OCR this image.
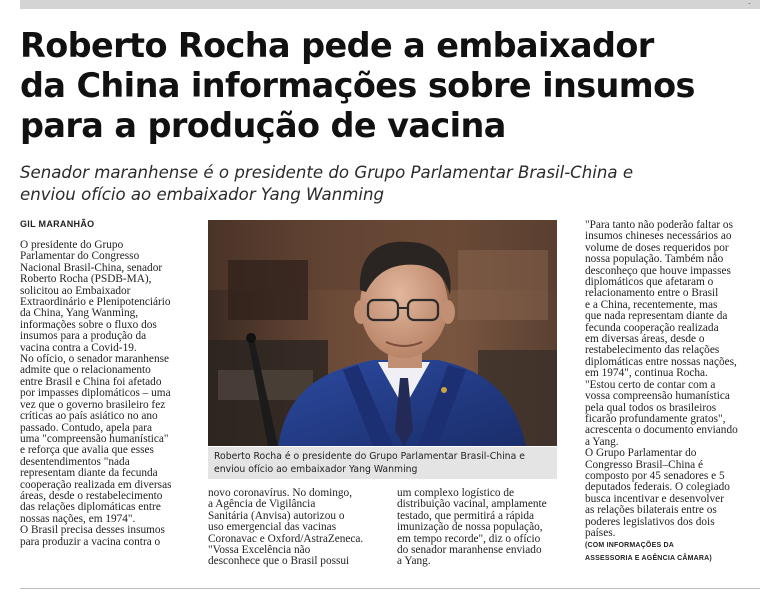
.
Roberto Rocha pede a embaixador
da China informações sobre insumos
para a produção de vacina
Senador maranhense é o presidente do Grupo Parlamentar Brasil-China e
enviou ofício ao embaixador Yang Wanming
GIL MARANHÃO
O presidente do Grupo
Parlamentar do Congresso
Nacional Brasil-China, senador
Roberto Rocha (PSDB-MA),
solicitou ao Embaixador
Extraordinário e Plenipotenciário
da China, Yang Wanming,
informações sobre o fluxo dos
insumos para a produção da
vacina contra a Covid-19.
No ofício, o senador maranhense
admite que o relacionamento
entre Brasil e China foi afetado
por impasses diplomáticos – uma
vez que o governo brasileiro fez
críticas ao país asiático no ano
passado. Contudo, apela para
uma "compreensão humanística"
e reforça que avalia que esses
desentendimentos "nada
representam diante da fecunda
cooperação realizada em diversas
áreas, desde o restabelecimento
das relações diplomáticas entre
nossas nações, em 1974".
O Brasil precisa desses insumos
para produzir a vacina contra o
Roberto Rocha é o presidente do Grupo Parlamentar Brasil-China e
enviou ofício ao embaixador Yang Wanming
novo coronavírus. No domingo,
a Agência de Vigilância
Sanitária (Anvisa) autorizou o
uso emergencial das vacinas
Coronavac e Oxford/AstraZeneca.
"Vossa Excelência não
desconhece que o Brasil possui
um complexo logístico de
distribuição vacinal, amplamente
testado, que permitirá a rápida
imunização de nossa população,
em tempo recorde", diz o ofício
do senador maranhense enviado
a Yang.
"Para tanto não poderão faltar os
insumos chineses necessários ao
volume de doses requeridos por
nossa população. Também não
desconheço que houve impasses
diplomáticos que afetaram o
relacionamento entre o Brasil
e a China, recentemente, mas
que nada representam diante da
fecunda cooperação realizada
em diversas áreas, desde o
restabelecimento das relações
diplomáticas entre nossas nações,
em 1974", continua Rocha.
"Estou certo de contar com a
vossa compreensão humanística
pela qual todos os brasileiros
ficarão profundamente gratos",
acrescenta o documento enviando
a Yang.
O Grupo Parlamentar do
Congresso Brasil–China é
composto por 45 senadores e 5
deputados federais. O colegiado
busca incentivar e desenvolver
as relações bilaterais entre os
poderes legislativos dos dois
países.
(COM INFORMAÇÕES DA
ASSESSORIA E AGÊNCIA CÂMARA)
